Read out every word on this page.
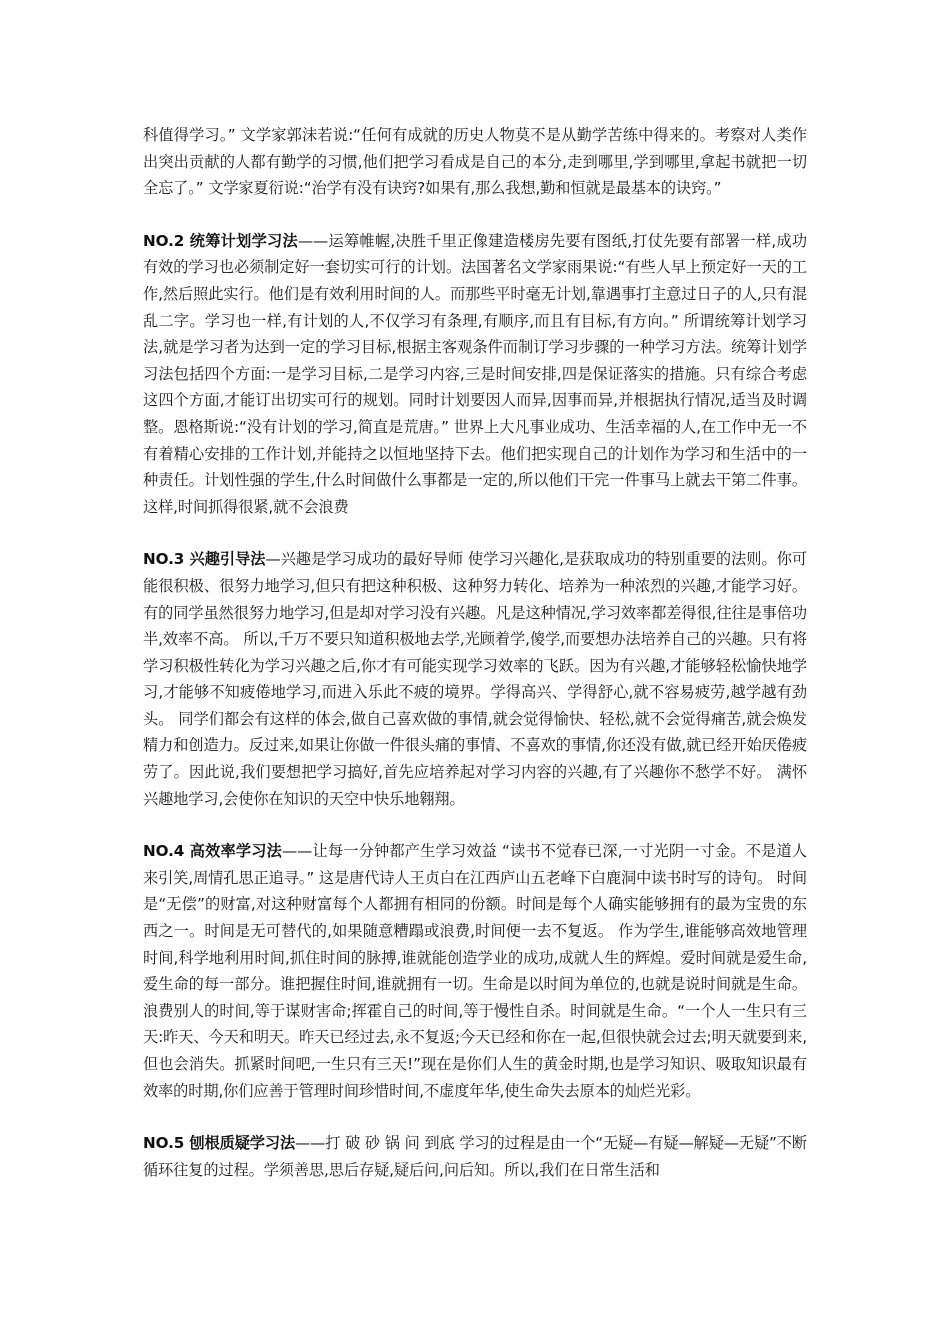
科值得学习。” 文学家郭沫若说:“任何有成就的历史人物莫不是从勤学苦练中得来的。考察对人类作出突出贡献的人都有勤学的习惯,他们把学习看成是自己的本分,走到哪里,学到哪里,拿起书就把一切全忘了。” 文学家夏衍说:“治学有没有诀窍?如果有,那么我想,勤和恒就是最基本的诀窍。”

NO.2 统筹计划学习法——运筹帷幄,决胜千里正像建造楼房先要有图纸,打仗先要有部署一样,成功有效的学习也必须制定好一套切实可行的计划。法国著名文学家雨果说:“有些人早上预定好一天的工作,然后照此实行。他们是有效利用时间的人。而那些平时毫无计划,靠遇事打主意过日子的人,只有混乱二字。学习也一样,有计划的人,不仅学习有条理,有顺序,而且有目标,有方向。” 所谓统筹计划学习法,就是学习者为达到一定的学习目标,根据主客观条件而制订学习步骤的一种学习方法。统筹计划学习法包括四个方面:一是学习目标,二是学习内容,三是时间安排,四是保证落实的措施。只有综合考虑这四个方面,才能订出切实可行的规划。同时计划要因人而异,因事而异,并根据执行情况,适当及时调整。恩格斯说:“没有计划的学习,简直是荒唐。” 世界上大凡事业成功、生活幸福的人,在工作中无一不有着精心安排的工作计划,并能持之以恒地坚持下去。他们把实现自己的计划作为学习和生活中的一种责任。计划性强的学生,什么时间做什么事都是一定的,所以他们干完一件事马上就去干第二件事。这样,时间抓得很紧,就不会浪费

NO.3 兴趣引导法—兴趣是学习成功的最好导师 使学习兴趣化,是获取成功的特别重要的法则。你可能很积极、很努力地学习,但只有把这种积极、这种努力转化、培养为一种浓烈的兴趣,才能学习好。有的同学虽然很努力地学习,但是却对学习没有兴趣。凡是这种情况,学习效率都差得很,往往是事倍功半,效率不高。 所以,千万不要只知道积极地去学,光顾着学,傻学,而要想办法培养自己的兴趣。只有将学习积极性转化为学习兴趣之后,你才有可能实现学习效率的飞跃。因为有兴趣,才能够轻松愉快地学习,才能够不知疲倦地学习,而进入乐此不疲的境界。学得高兴、学得舒心,就不容易疲劳,越学越有劲头。 同学们都会有这样的体会,做自己喜欢做的事情,就会觉得愉快、轻松,就不会觉得痛苦,就会焕发精力和创造力。反过来,如果让你做一件很头痛的事情、不喜欢的事情,你还没有做,就已经开始厌倦疲劳了。因此说,我们要想把学习搞好,首先应培养起对学习内容的兴趣,有了兴趣你不愁学不好。 满怀兴趣地学习,会使你在知识的天空中快乐地翱翔。

NO.4 高效率学习法——让每一分钟都产生学习效益 “读书不觉春已深,一寸光阴一寸金。不是道人来引笑,周情孔思正追寻。” 这是唐代诗人王贞白在江西庐山五老峰下白鹿洞中读书时写的诗句。 时间是“无偿”的财富,对这种财富每个人都拥有相同的份额。时间是每个人确实能够拥有的最为宝贵的东西之一。时间是无可替代的,如果随意糟蹋或浪费,时间便一去不复返。 作为学生,谁能够高效地管理时间,科学地利用时间,抓住时间的脉搏,谁就能创造学业的成功,成就人生的辉煌。爱时间就是爱生命,爱生命的每一部分。谁把握住时间,谁就拥有一切。生命是以时间为单位的,也就是说时间就是生命。浪费别人的时间,等于谋财害命;挥霍自己的时间,等于慢性自杀。时间就是生命。“一个人一生只有三天:昨天、今天和明天。昨天已经过去,永不复返;今天已经和你在一起,但很快就会过去;明天就要到来,但也会消失。抓紧时间吧,一生只有三天!”现在是你们人生的黄金时期,也是学习知识、吸取知识最有效率的时期,你们应善于管理时间珍惜时间,不虚度年华,使生命失去原本的灿烂光彩。

NO.5 刨根质疑学习法——打 破 砂 锅 问 到底 学习的过程是由一个“无疑—有疑—解疑—无疑”不断循环往复的过程。学须善思,思后存疑,疑后问,问后知。所以,我们在日常生活和
